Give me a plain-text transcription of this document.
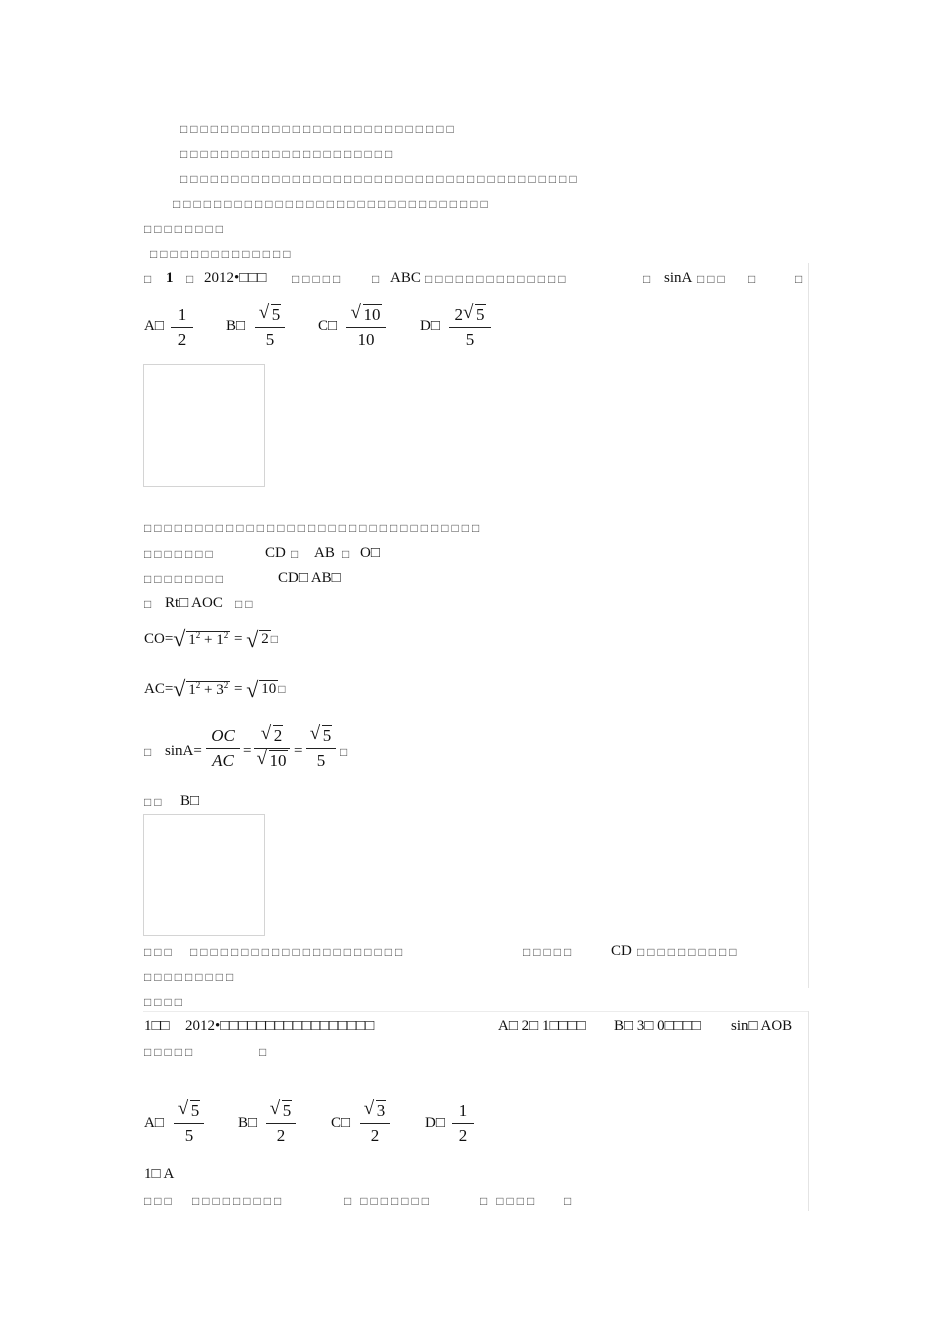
□□□□□□□□□□□□□□□□□□□□□□□□□□□
□□□□□□□□□□□□□□□□□□□□□
□□□□□□□□□□□□□□□□□□□□□□□□□□□□□□□□□□□□□□□
□□□□□□□□□□□□□□□□□□□□□□□□□□□□□□□
□□□□□□□□
□□□□□□□□□□□□□□
□ 1 □ 2012•□□□ □□□□□ □ ABC □□□□□□□□□□□□□□	□ sinA □□□ □	□
A□ $\frac{1}{2}$ B□ √ $\frac{5}{5}$ C□ √ $\frac{10}{10}$ D□ $\frac{2 √ 5}{5}$
□□□□□□□□□□□□□□□□□□□□□□□□□□□□□□□□□
□□□□□□□	CD □ AB □ O□
□□□□□□□□	CD□ AB□
□ Rt□ AOC □□
CO= √ $1^2 + 1^2$ = √ 2 □
AC= √ $1^2 + 3^2$ = √ 10 □
□ $\sin A= \frac{OC}{AC}$ = √ 2
√ 10 = √ $\frac{5}{5}$ □
□□ B□
□□□ □□□□□□□□□□□□□□□□□□□□□	□□□□□ CD □□□□□□□□□□
□□□□□□□□□
□□□□
1□□ 2012•□□□□□□□□□□□□□□□□□	A□ 2□ 1□□□□ B□ 3□ 0□□□□ sin□ AOB
□□□□□	□
A□ √ $\frac{5}{5}$ B□ √ $\frac{5}{2}$ C□ √ $\frac{3}{2}$ D□ $\frac{1}{2}$
1□ A
□□□ □□□□□□□□□	□ □□□□□□□	□ □□□□ □
